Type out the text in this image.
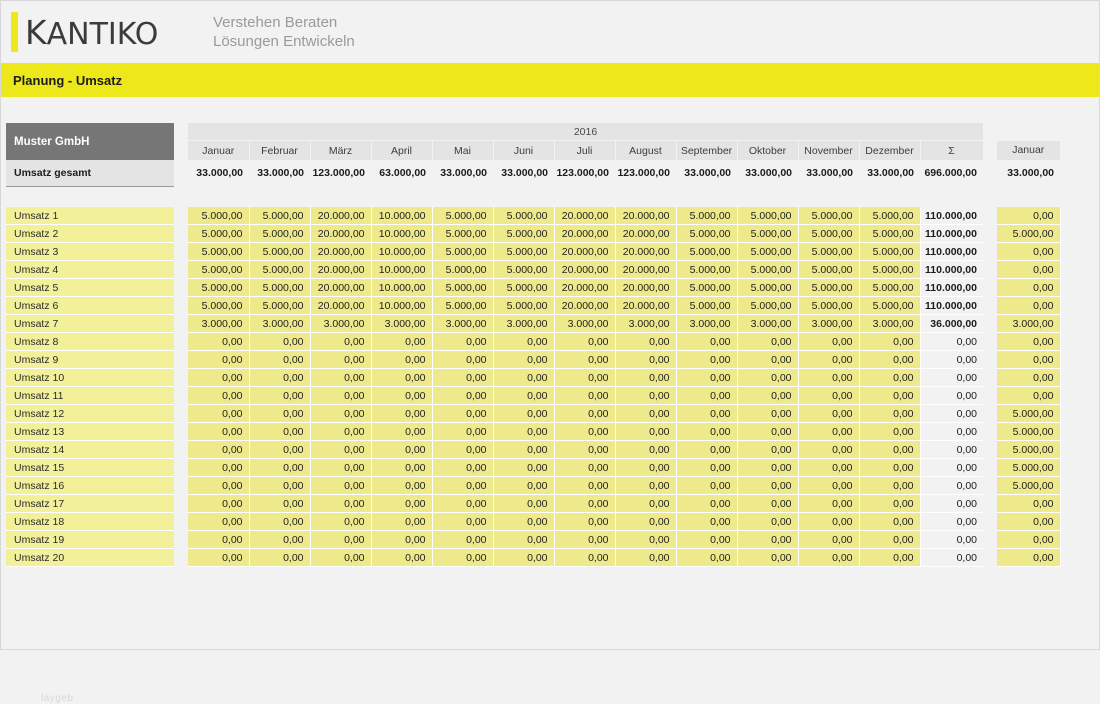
KANTIKO	Verstehen Beraten
Lösungen Entwickeln
Planung - Umsatz
Muster GmbH		2016														
		Januar	Februar	März	April	Mai	Juni	Juli	August	September	Oktober	November	Dezember	Σ		Januar
Umsatz gesamt		33.000,00	33.000,00	123.000,00	63.000,00	33.000,00	33.000,00	123.000,00	123.000,00	33.000,00	33.000,00	33.000,00	33.000,00	696.000,00		33.000,00

Umsatz 1		5.000,00	5.000,00	20.000,00	10.000,00	5.000,00	5.000,00	20.000,00	20.000,00	5.000,00	5.000,00	5.000,00	5.000,00	110.000,00		0,00
Umsatz 2		5.000,00	5.000,00	20.000,00	10.000,00	5.000,00	5.000,00	20.000,00	20.000,00	5.000,00	5.000,00	5.000,00	5.000,00	110.000,00		5.000,00
Umsatz 3		5.000,00	5.000,00	20.000,00	10.000,00	5.000,00	5.000,00	20.000,00	20.000,00	5.000,00	5.000,00	5.000,00	5.000,00	110.000,00		0,00
Umsatz 4		5.000,00	5.000,00	20.000,00	10.000,00	5.000,00	5.000,00	20.000,00	20.000,00	5.000,00	5.000,00	5.000,00	5.000,00	110.000,00		0,00
Umsatz 5		5.000,00	5.000,00	20.000,00	10.000,00	5.000,00	5.000,00	20.000,00	20.000,00	5.000,00	5.000,00	5.000,00	5.000,00	110.000,00		0,00
Umsatz 6		5.000,00	5.000,00	20.000,00	10.000,00	5.000,00	5.000,00	20.000,00	20.000,00	5.000,00	5.000,00	5.000,00	5.000,00	110.000,00		0,00
Umsatz 7		3.000,00	3.000,00	3.000,00	3.000,00	3.000,00	3.000,00	3.000,00	3.000,00	3.000,00	3.000,00	3.000,00	3.000,00	36.000,00		3.000,00
Umsatz 8		0,00	0,00	0,00	0,00	0,00	0,00	0,00	0,00	0,00	0,00	0,00	0,00	0,00		0,00
Umsatz 9		0,00	0,00	0,00	0,00	0,00	0,00	0,00	0,00	0,00	0,00	0,00	0,00	0,00		0,00
Umsatz 10		0,00	0,00	0,00	0,00	0,00	0,00	0,00	0,00	0,00	0,00	0,00	0,00	0,00		0,00
Umsatz 11		0,00	0,00	0,00	0,00	0,00	0,00	0,00	0,00	0,00	0,00	0,00	0,00	0,00		0,00
Umsatz 12		0,00	0,00	0,00	0,00	0,00	0,00	0,00	0,00	0,00	0,00	0,00	0,00	0,00		5.000,00
Umsatz 13		0,00	0,00	0,00	0,00	0,00	0,00	0,00	0,00	0,00	0,00	0,00	0,00	0,00		5.000,00
Umsatz 14		0,00	0,00	0,00	0,00	0,00	0,00	0,00	0,00	0,00	0,00	0,00	0,00	0,00		5.000,00
Umsatz 15		0,00	0,00	0,00	0,00	0,00	0,00	0,00	0,00	0,00	0,00	0,00	0,00	0,00		5.000,00
Umsatz 16		0,00	0,00	0,00	0,00	0,00	0,00	0,00	0,00	0,00	0,00	0,00	0,00	0,00		5.000,00
Umsatz 17		0,00	0,00	0,00	0,00	0,00	0,00	0,00	0,00	0,00	0,00	0,00	0,00	0,00		0,00
Umsatz 18		0,00	0,00	0,00	0,00	0,00	0,00	0,00	0,00	0,00	0,00	0,00	0,00	0,00		0,00
Umsatz 19		0,00	0,00	0,00	0,00	0,00	0,00	0,00	0,00	0,00	0,00	0,00	0,00	0,00		0,00
Umsatz 20		0,00	0,00	0,00	0,00	0,00	0,00	0,00	0,00	0,00	0,00	0,00	0,00	0,00		0,00
laygeb
